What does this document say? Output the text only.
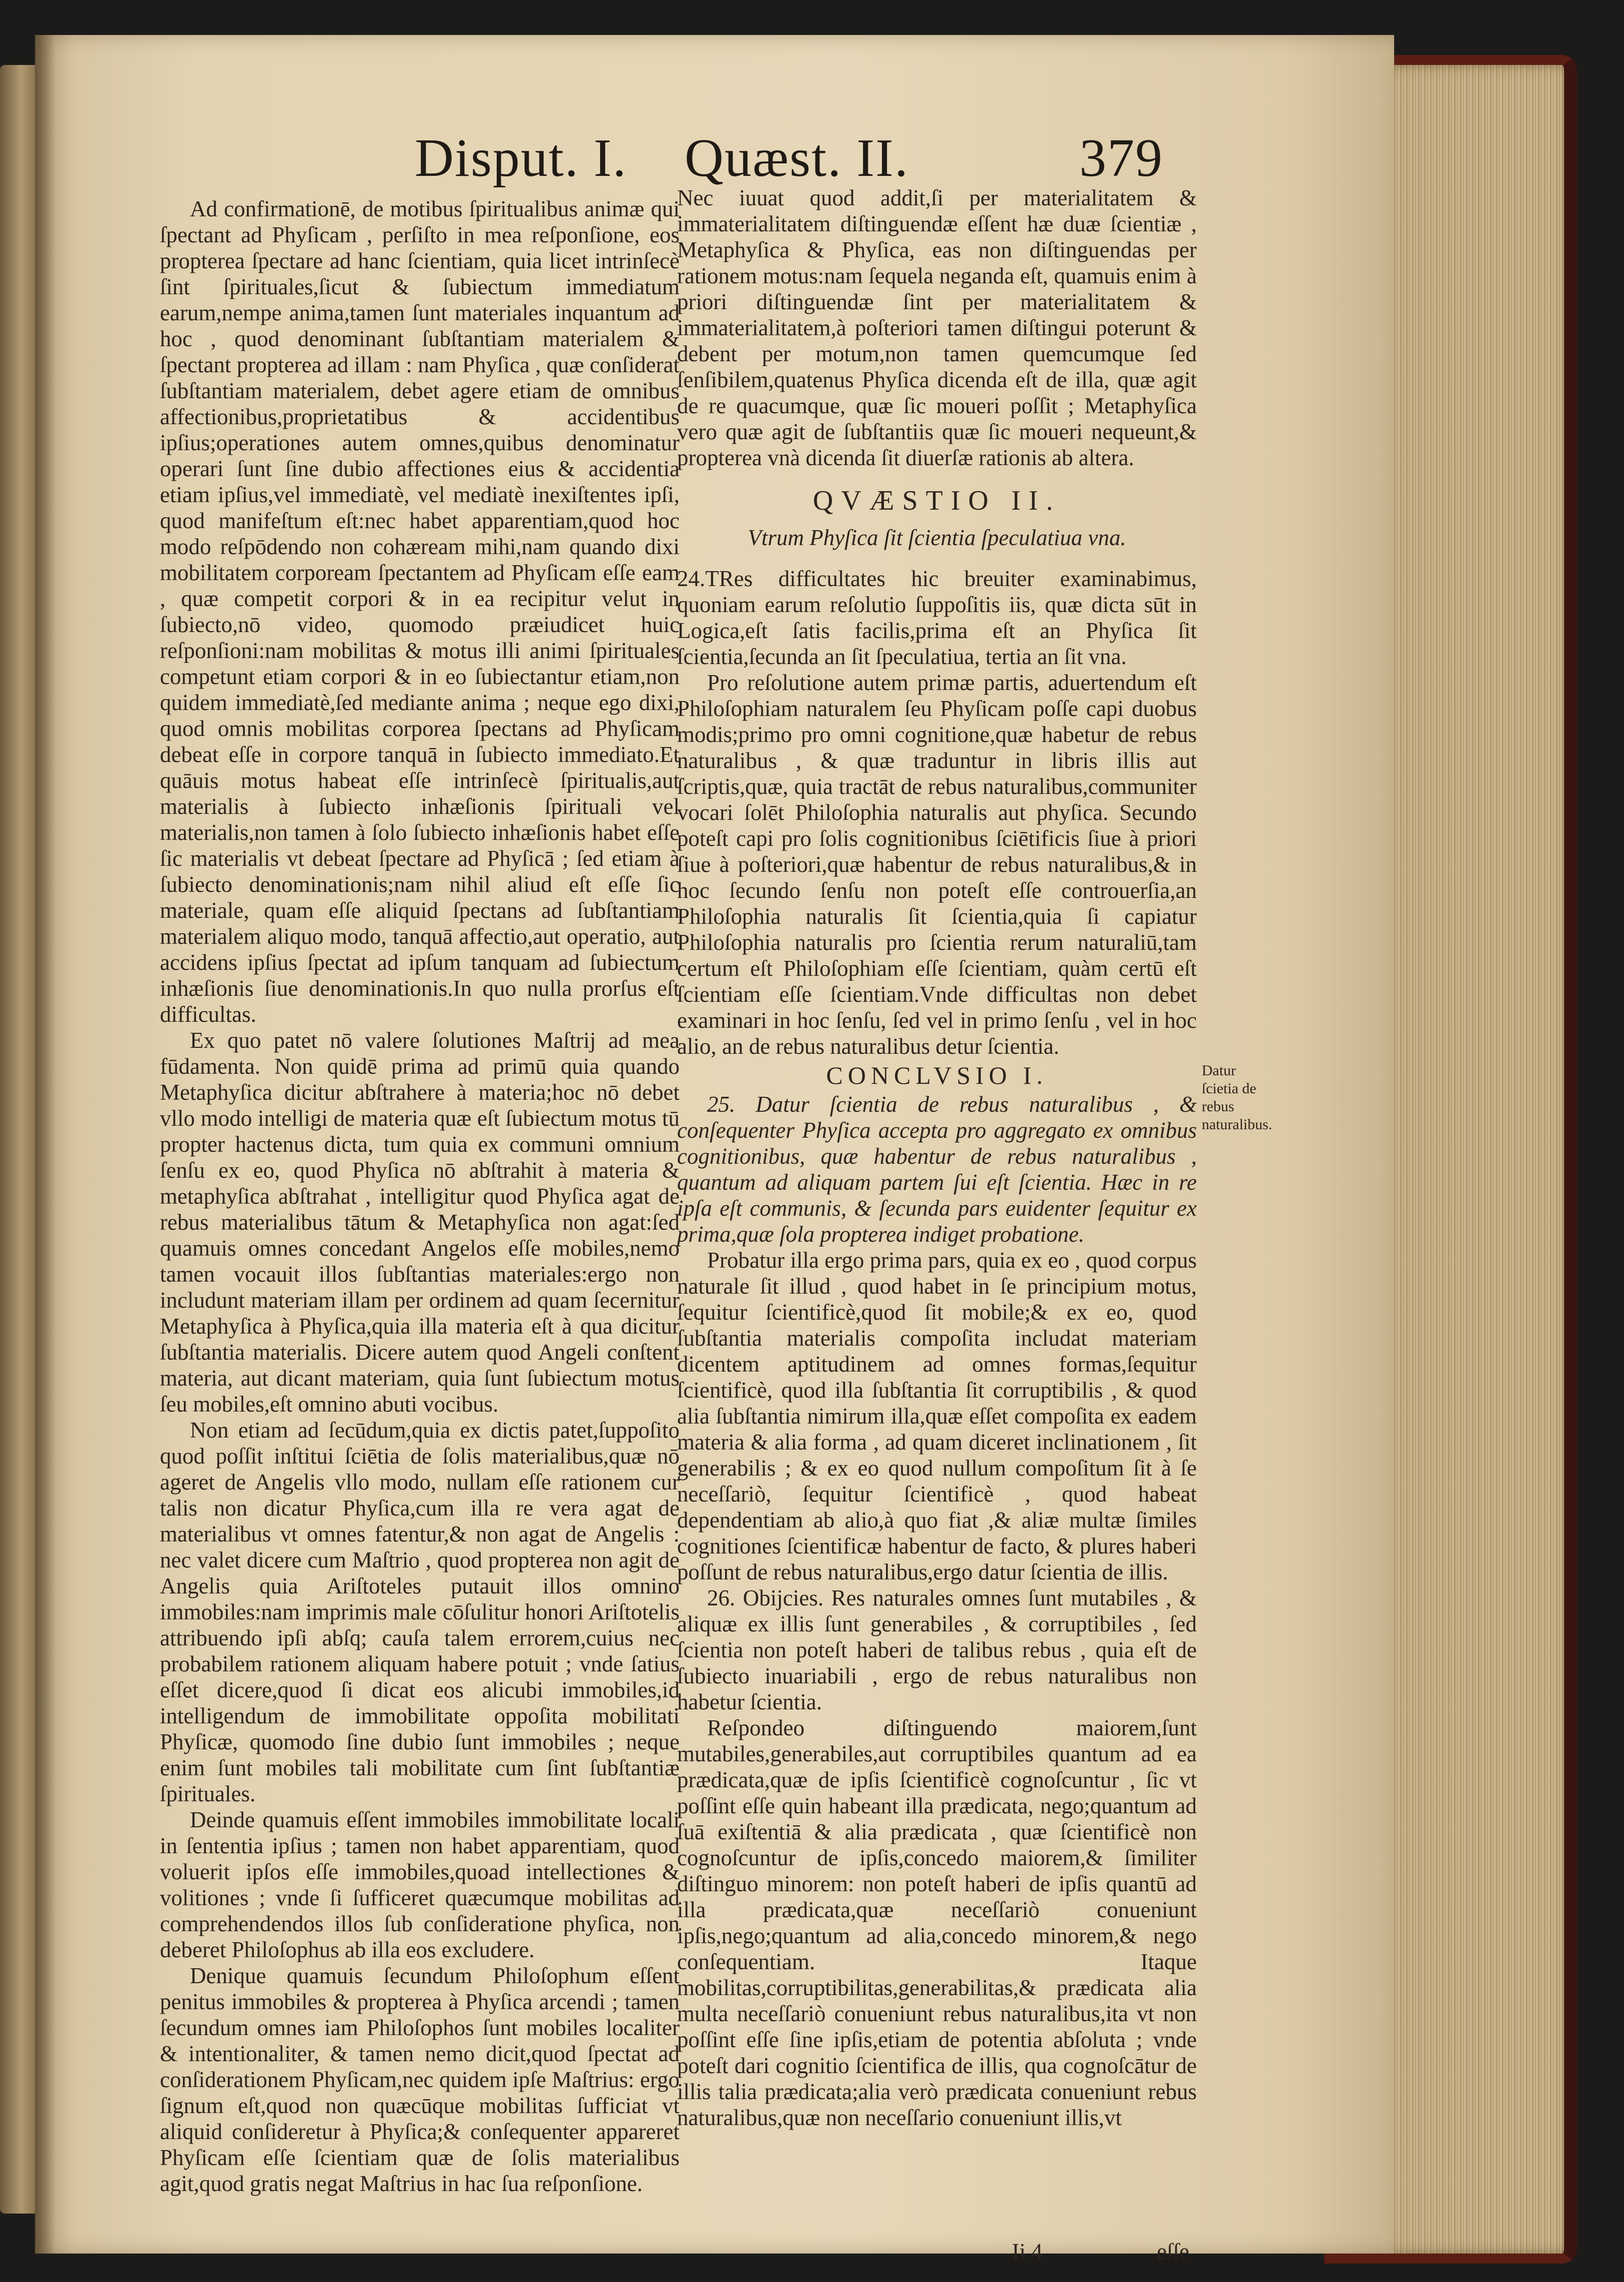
Disput. I. Quæst. II.	379

Ad confirmationē, de motibus ſpiritualibus animæ qui ſpectant ad Phyſicam , perſiſto in mea reſponſione, eos propterea ſpectare ad hanc ſcientiam, quia licet intrinſecè ſint ſpirituales,ſicut & ſubiectum immediatum earum,nempe anima,tamen ſunt materiales inquantum ad hoc , quod denominant ſubſtantiam materialem & ſpectant propterea ad illam : nam Phyſica , quæ conſiderat ſubſtantiam materialem, debet agere etiam de omnibus affectionibus,proprietatibus & accidentibus ipſius;operationes autem omnes,quibus denominatur operari ſunt ſine dubio affectiones eius & accidentia etiam ipſius,vel immediatè, vel mediatè inexiſtentes ipſi, quod manifeſtum eſt:nec habet apparentiam,quod hoc modo reſpōdendo non cohæream mihi,nam quando dixi mobilitatem corpoream ſpectantem ad Phyſicam eſſe eam , quæ competit corpori & in ea recipitur velut in ſubiecto,nō video, quomodo præiudicet huic reſponſioni:nam mobilitas & motus illi animi ſpirituales competunt etiam corpori & in eo ſubiectantur etiam,non quidem immediatè,ſed mediante anima ; neque ego dixi, quod omnis mobilitas corporea ſpectans ad Phyſicam debeat eſſe in corpore tanquā in ſubiecto immediato.Et quāuis motus habeat eſſe intrinſecè ſpiritualis,aut materialis à ſubiecto inhæſionis ſpirituali vel materialis,non tamen à ſolo ſubiecto inhæſionis habet eſſe ſic materialis vt debeat ſpectare ad Phyſicā ; ſed etiam à ſubiecto denominationis;nam nihil aliud eſt eſſe ſic materiale, quam eſſe aliquid ſpectans ad ſubſtantiam materialem aliquo modo, tanquā affectio,aut operatio, aut accidens ipſius ſpectat ad ipſum tanquam ad ſubiectum inhæſionis ſiue denominationis.In quo nulla prorſus eſt difficultas.

Ex quo patet nō valere ſolutiones Maſtrij ad mea fūdamenta. Non quidē prima ad primū quia quando Metaphyſica dicitur abſtrahere à materia;hoc nō debet vllo modo intelligi de materia quæ eſt ſubiectum motus tū propter hactenus dicta, tum quia ex communi omnium ſenſu ex eo, quod Phyſica nō abſtrahit à materia & metaphyſica abſtrahat , intelligitur quod Phyſica agat de rebus materialibus tātum & Metaphyſica non agat:ſed quamuis omnes concedant Angelos eſſe mobiles,nemo tamen vocauit illos ſubſtantias materiales:ergo non includunt materiam illam per ordinem ad quam ſecernitur Metaphyſica à Phyſica,quia illa materia eſt à qua dicitur ſubſtantia materialis. Dicere autem quod Angeli conſtent materia, aut dicant materiam, quia ſunt ſubiectum motus ſeu mobiles,eſt omnino abuti vocibus.

Non etiam ad ſecūdum,quia ex dictis patet,ſuppoſito quod poſſit inſtitui ſciētia de ſolis materialibus,quæ nō ageret de Angelis vllo modo, nullam eſſe rationem cur talis non dicatur Phyſica,cum illa re vera agat de materialibus vt omnes fatentur,& non agat de Angelis : nec valet dicere cum Maſtrio , quod propterea non agit de Angelis quia Ariſtoteles putauit illos omnino immobiles:nam imprimis male cōſulitur honori Ariſtotelis attribuendo ipſi abſq; cauſa talem errorem,cuius nec probabilem rationem aliquam habere potuit ; vnde ſatius eſſet dicere,quod ſi dicat eos alicubi immobiles,id intelligendum de immobilitate oppoſita mobilitati Phyſicæ, quomodo ſine dubio ſunt immobiles ; neque enim ſunt mobiles tali mobilitate cum ſint ſubſtantiæ ſpirituales.

Deinde quamuis eſſent immobiles immobilitate locali in ſententia ipſius ; tamen non habet apparentiam, quod voluerit ipſos eſſe immobiles,quoad intellectiones & volitiones ; vnde ſi ſufficeret quæcumque mobilitas ad comprehendendos illos ſub conſideratione phyſica, non deberet Philoſophus ab illa eos excludere.

Denique quamuis ſecundum Philoſophum eſſent penitus immobiles & propterea à Phyſica arcendi ; tamen ſecundum omnes iam Philoſophos ſunt mobiles localiter & intentionaliter, & tamen nemo dicit,quod ſpectat ad conſiderationem Phyſicam,nec quidem ipſe Maſtrius: ergo ſignum eſt,quod non quæcūque mobilitas ſufficiat vt aliquid conſideretur à Phyſica;& conſequenter appareret Phyſicam eſſe ſcientiam quæ de ſolis materialibus agit,quod gratis negat Maſtrius in hac ſua reſponſione.

Nec iuuat quod addit,ſi per materialitatem & immaterialitatem diſtinguendæ eſſent hæ duæ ſcientiæ , Metaphyſica & Phyſica, eas non diſtinguendas per rationem motus:nam ſequela neganda eſt, quamuis enim à priori diſtinguendæ ſint per materialitatem & immaterialitatem,à poſteriori tamen diſtingui poterunt & debent per motum,non tamen quemcumque ſed ſenſibilem,quatenus Phyſica dicenda eſt de illa, quæ agit de re quacumque, quæ ſic moueri poſſit ; Metaphyſica vero quæ agit de ſubſtantiis quæ ſic moueri nequeunt,& propterea vnà dicenda ſit diuerſæ rationis ab altera.

QVÆSTIO II.
Vtrum Phyſica ſit ſcientia ſpeculatiua vna.

24.TRes difficultates hic breuiter examinabimus, quoniam earum reſolutio ſuppoſitis iis, quæ dicta sūt in Logica,eſt ſatis facilis,prima eſt an Phyſica ſit ſcientia,ſecunda an ſit ſpeculatiua, tertia an ſit vna.

Pro reſolutione autem primæ partis, aduertendum eſt Philoſophiam naturalem ſeu Phyſicam poſſe capi duobus modis;primo pro omni cognitione,quæ habetur de rebus naturalibus , & quæ traduntur in libris illis aut ſcriptis,quæ, quia tractāt de rebus naturalibus,communiter vocari ſolēt Philoſophia naturalis aut phyſica. Secundo poteſt capi pro ſolis cognitionibus ſciētificis ſiue à priori ſiue à poſteriori,quæ habentur de rebus naturalibus,& in hoc ſecundo ſenſu non poteſt eſſe controuerſia,an Philoſophia naturalis ſit ſcientia,quia ſi capiatur Philoſophia naturalis pro ſcientia rerum naturaliū,tam certum eſt Philoſophiam eſſe ſcientiam, quàm certū eſt ſcientiam eſſe ſcientiam.Vnde difficultas non debet examinari in hoc ſenſu, ſed vel in primo ſenſu , vel in hoc alio, an de rebus naturalibus detur ſcientia.

CONCLVSIO I.

25. Datur ſcientia de rebus naturalibus , & conſequenter Phyſica accepta pro aggregato ex omnibus cognitionibus, quæ habentur de rebus naturalibus , quantum ad aliquam partem ſui eſt ſcientia. Hæc in re ipſa eſt communis, & ſecunda pars euidenter ſequitur ex prima,quæ ſola propterea indiget probatione.

Probatur illa ergo prima pars, quia ex eo , quod corpus naturale ſit illud , quod habet in ſe principium motus, ſequitur ſcientificè,quod ſit mobile;& ex eo, quod ſubſtantia materialis compoſita includat materiam dicentem aptitudinem ad omnes formas,ſequitur ſcientificè, quod illa ſubſtantia ſit corruptibilis , & quod alia ſubſtantia nimirum illa,quæ eſſet compoſita ex eadem materia & alia forma , ad quam diceret inclinationem , ſit generabilis ; & ex eo quod nullum compoſitum ſit à ſe neceſſariò, ſequitur ſcientificè , quod habeat dependentiam ab alio,à quo fiat ,& aliæ multæ ſimiles cognitiones ſcientificæ habentur de facto, & plures haberi poſſunt de rebus naturalibus,ergo datur ſcientia de illis.

26. Obijcies. Res naturales omnes ſunt mutabiles , & aliquæ ex illis ſunt generabiles , & corruptibiles , ſed ſcientia non poteſt haberi de talibus rebus , quia eſt de ſubiecto inuariabili , ergo de rebus naturalibus non habetur ſcientia.

Reſpondeo diſtinguendo maiorem,ſunt mutabiles,generabiles,aut corruptibiles quantum ad ea prædicata,quæ de ipſis ſcientificè cognoſcuntur , ſic vt poſſint eſſe quin habeant illa prædicata, nego;quantum ad ſuā exiſtentiā & alia prædicata , quæ ſcientificè non cognoſcuntur de ipſis,concedo maiorem,& ſimiliter diſtinguo minorem: non poteſt haberi de ipſis quantū ad illa prædicata,quæ neceſſariò conueniunt ipſis,nego;quantum ad alia,concedo minorem,& nego conſequentiam. Itaque mobilitas,corruptibilitas,generabilitas,& prædicata alia multa neceſſariò conueniunt rebus naturalibus,ita vt non poſſint eſſe ſine ipſis,etiam de potentia abſoluta ; vnde poteſt dari cognitio ſcientifica de illis, qua cognoſcātur de illis talia prædicata;alia verò prædicata conueniunt rebus naturalibus,quæ non neceſſario conueniunt illis,vt

Datur ſcietia de rebus naturalibus.
Ii 4	eſſe
